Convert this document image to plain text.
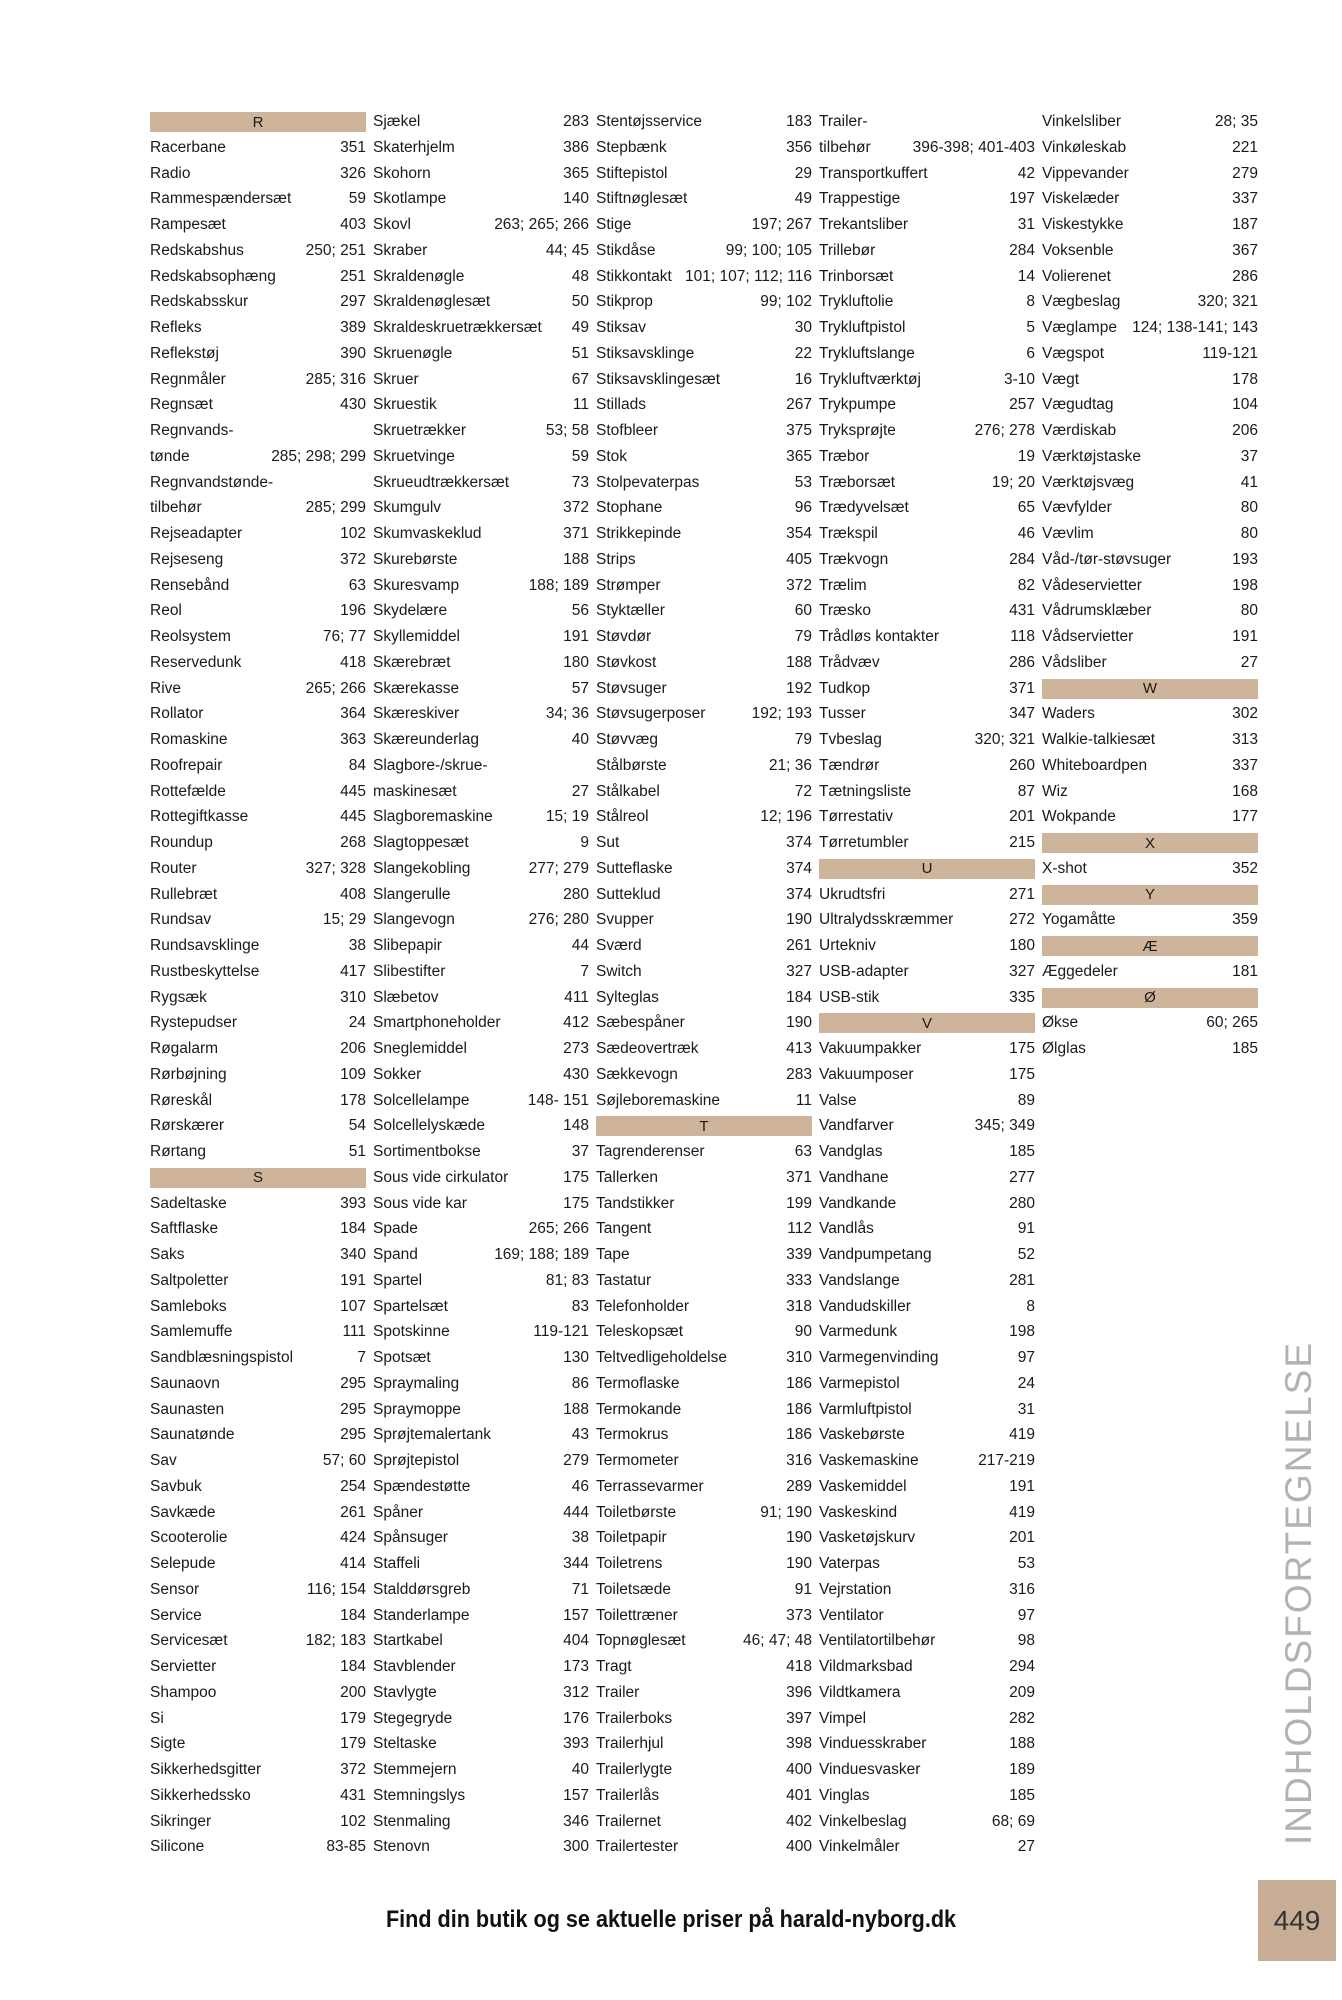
R
Racerbane	351
Radio	326
Rammespændersæt	59
Rampesæt	403
Redskabshus	250; 251
Redskabsophæng	251
Redskabsskur	297
Refleks	389
Reflekstøj	390
Regnmåler	285; 316
Regnsæt	430
Regnvands-
tønde	285; 298; 299
Regnvandstønde-
tilbehør	285; 299
Rejseadapter	102
Rejseseng	372
Rensebånd	63
Reol	196
Reolsystem	76; 77
Reservedunk	418
Rive	265; 266
Rollator	364
Romaskine	363
Roofrepair	84
Rottefælde	445
Rottegiftkasse	445
Roundup	268
Router	327; 328
Rullebræt	408
Rundsav	15; 29
Rundsavsklinge	38
Rustbeskyttelse	417
Rygsæk	310
Rystepudser	24
Røgalarm	206
Rørbøjning	109
Røreskål	178
Rørskærer	54
Rørtang	51
S
Sadeltaske	393
Saftflaske	184
Saks	340
Saltpoletter	191
Samleboks	107
Samlemuffe	111
Sandblæsningspistol	7
Saunaovn	295
Saunasten	295
Saunatønde	295
Sav	57; 60
Savbuk	254
Savkæde	261
Scooterolie	424
Selepude	414
Sensor	116; 154
Service	184
Servicesæt	182; 183
Servietter	184
Shampoo	200
Si	179
Sigte	179
Sikkerhedsgitter	372
Sikkerhedssko	431
Sikringer	102
Silicone	83-85
Sjækel	283
Skaterhjelm	386
Skohorn	365
Skotlampe	140
Skovl	263; 265; 266
Skraber	44; 45
Skraldenøgle	48
Skraldenøglesæt	50
Skraldeskruetrækkersæt 49
Skruenøgle	51
Skruer	67
Skruestik	11
Skruetrækker	53; 58
Skruetvinge	59
Skrueudtrækkersæt	73
Skumgulv	372
Skumvaskeklud	371
Skurebørste	188
Skuresvamp	188; 189
Skydelære	56
Skyllemiddel	191
Skærebræt	180
Skærekasse	57
Skæreskiver	34; 36
Skæreunderlag	40
Slagbore-/skrue-
maskinesæt	27
Slagboremaskine	15; 19
Slagtoppesæt	9
Slangekobling	277; 279
Slangerulle	280
Slangevogn	276; 280
Slibepapir	44
Slibestifter	7
Slæbetov	411
Smartphoneholder	412
Sneglemiddel	273
Sokker	430
Solcellelampe	148- 151
Solcellelyskæde	148
Sortimentbokse	37
Sous vide cirkulator	175
Sous vide kar	175
Spade	265; 266
Spand	169; 188; 189
Spartel	81; 83
Spartelsæt	83
Spotskinne	119-121
Spotsæt	130
Spraymaling	86
Spraymoppe	188
Sprøjtemalertank	43
Sprøjtepistol	279
Spændestøtte	46
Spåner	444
Spånsuger	38
Staffeli	344
Stalddørsgreb	71
Standerlampe	157
Startkabel	404
Stavblender	173
Stavlygte	312
Stegegryde	176
Steltaske	393
Stemmejern	40
Stemningslys	157
Stenmaling	346
Stenovn	300
Stentøjsservice	183
Stepbænk	356
Stiftepistol	29
Stiftnøglesæt	49
Stige	197; 267
Stikdåse	99; 100; 105
Stikkontakt 101; 107; 112; 116
Stikprop	99; 102
Stiksav	30
Stiksavsklinge	22
Stiksavsklingesæt	16
Stillads	267
Stofbleer	375
Stok	365
Stolpevaterpas	53
Stophane	96
Strikkepinde	354
Strips	405
Strømper	372
Styktæller	60
Støvdør	79
Støvkost	188
Støvsuger	192
Støvsugerposer	192; 193
Støvvæg	79
Stålbørste	21; 36
Stålkabel	72
Stålreol	12; 196
Sut	374
Sutteflaske	374
Sutteklud	374
Svupper	190
Sværd	261
Switch	327
Sylteglas	184
Sæbespåner	190
Sædeovertræk	413
Sækkevogn	283
Søjleboremaskine	11
T
Tagrenderenser	63
Tallerken	371
Tandstikker	199
Tangent	112
Tape	339
Tastatur	333
Telefonholder	318
Teleskopsæt	90
Teltvedligeholdelse	310
Termoflaske	186
Termokande	186
Termokrus	186
Termometer	316
Terrassevarmer	289
Toiletbørste	91; 190
Toiletpapir	190
Toiletrens	190
Toiletsæde	91
Toilettræner	373
Topnøglesæt	46; 47; 48
Tragt	418
Trailer	396
Trailerboks	397
Trailerhjul	398
Trailerlygte	400
Trailerlås	401
Trailernet	402
Trailertester	400
Trailer-
tilbehør	396-398; 401-403
Transportkuffert	42
Trappestige	197
Trekantsliber	31
Trillebør	284
Trinborsæt	14
Trykluftolie	8
Trykluftpistol	5
Trykluftslange	6
Trykluftværktøj	3-10
Trykpumpe	257
Tryksprøjte	276; 278
Træbor	19
Træborsæt	19; 20
Trædyvelsæt	65
Trækspil	46
Trækvogn	284
Trælim	82
Træsko	431
Trådløs kontakter	118
Trådvæv	286
Tudkop	371
Tusser	347
Tvbeslag	320; 321
Tændrør	260
Tætningsliste	87
Tørrestativ	201
Tørretumbler	215
U
Ukrudtsfri	271
Ultralydsskræmmer	272
Urtekniv	180
USB-adapter	327
USB-stik	335
V
Vakuumpakker	175
Vakuumposer	175
Valse	89
Vandfarver	345; 349
Vandglas	185
Vandhane	277
Vandkande	280
Vandlås	91
Vandpumpetang	52
Vandslange	281
Vandudskiller	8
Varmedunk	198
Varmegenvinding	97
Varmepistol	24
Varmluftpistol	31
Vaskebørste	419
Vaskemaskine	217-219
Vaskemiddel	191
Vaskeskind	419
Vasketøjskurv	201
Vaterpas	53
Vejrstation	316
Ventilator	97
Ventilatortilbehør	98
Vildmarksbad	294
Vildtkamera	209
Vimpel	282
Vinduesskraber	188
Vinduesvasker	189
Vinglas	185
Vinkelbeslag	68; 69
Vinkelmåler	27
Vinkelsliber	28; 35
Vinkøleskab	221
Vippevander	279
Viskelæder	337
Viskestykke	187
Voksenble	367
Volierenet	286
Vægbeslag	320; 321
Væglampe 124; 138-141; 143
Vægspot	119-121
Vægt	178
Vægudtag	104
Værdiskab	206
Værktøjstaske	37
Værktøjsvæg	41
Vævfylder	80
Vævlim	80
Våd-/tør-støvsuger	193
Vådeservietter	198
Vådrumsklæber	80
Vådservietter	191
Vådsliber	27
W
Waders	302
Walkie-talkiesæt	313
Whiteboardpen	337
Wiz	168
Wokpande	177
X
X-shot	352
Y
Yogamåtte	359
Æ
Æggedeler	181
Ø
Økse	60; 265
Ølglas	185
INDHOLDSFORTEGNELSE
449
Find din butik og se aktuelle priser på harald-nyborg.dk
